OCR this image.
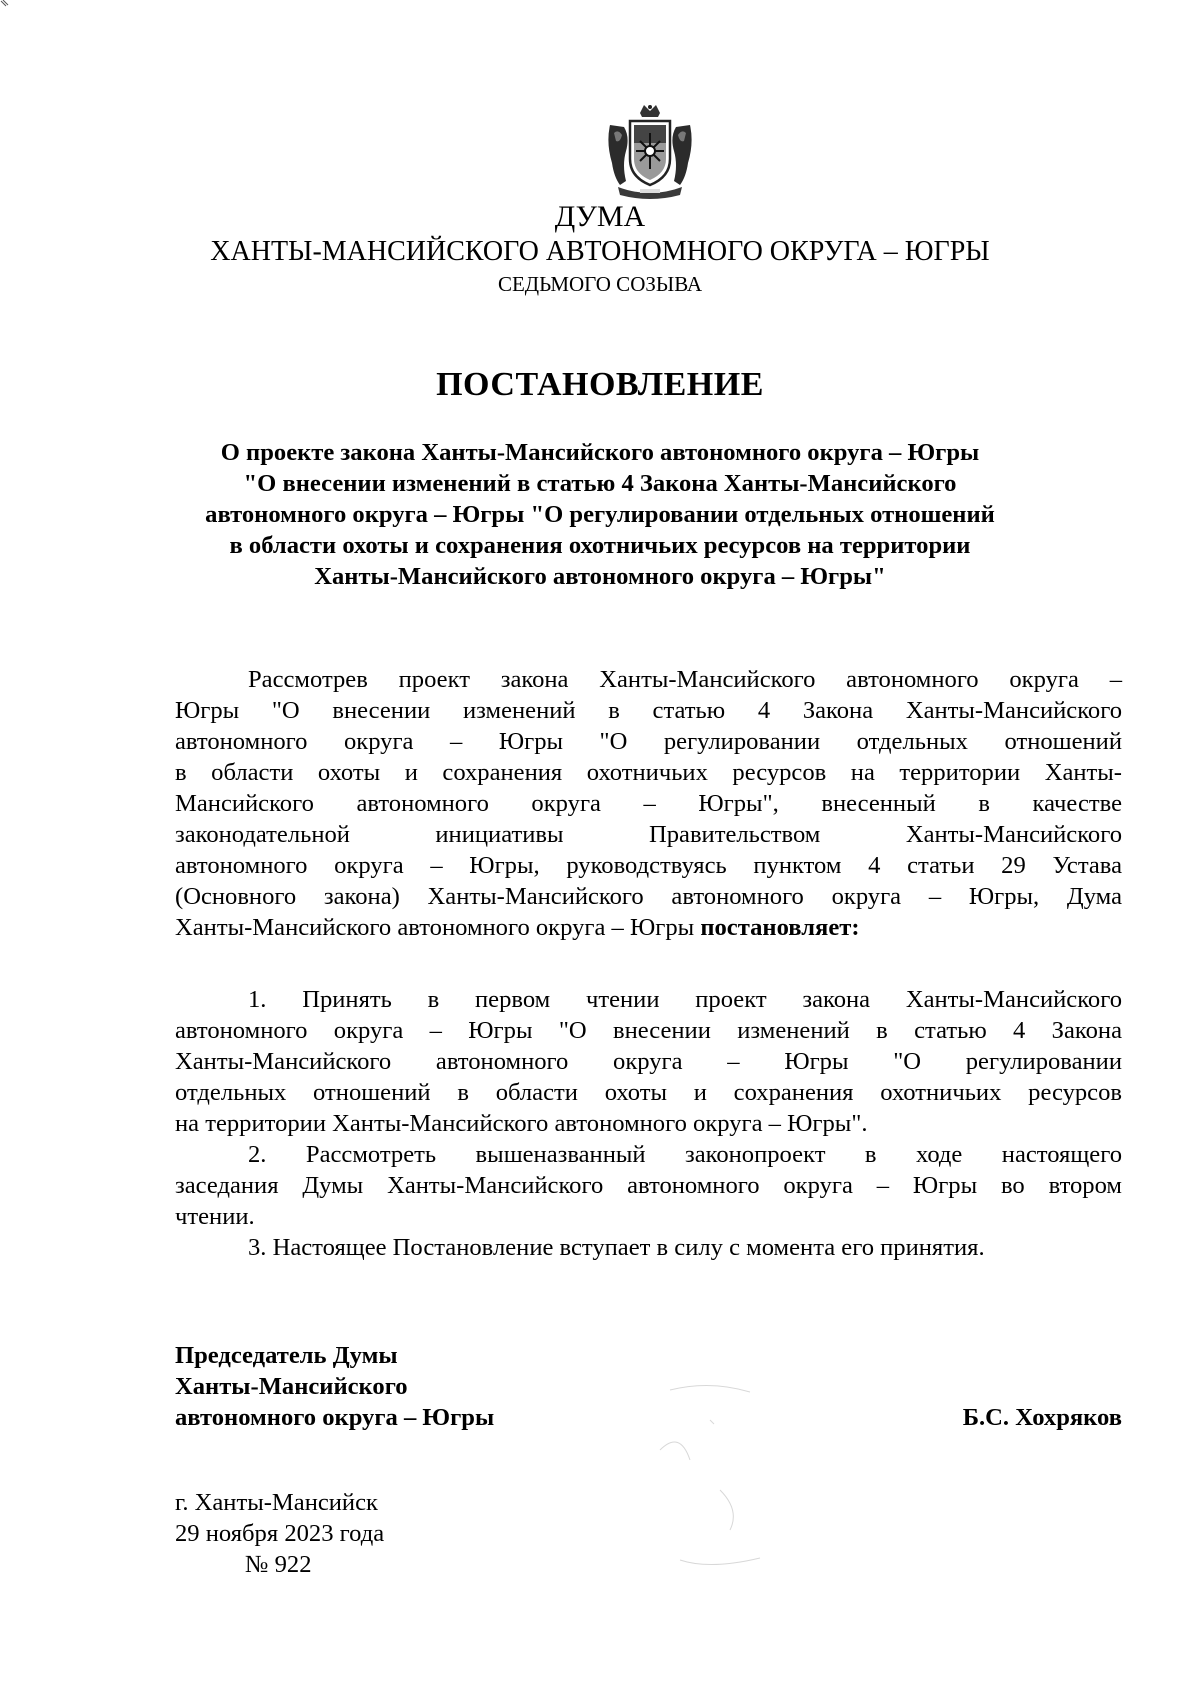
ДУМА
ХАНТЫ-МАНСИЙСКОГО АВТОНОМНОГО ОКРУГА – ЮГРЫ
СЕДЬМОГО СОЗЫВА
ПОСТАНОВЛЕНИЕ
О проекте закона Ханты-Мансийского автономного округа – Югры
"О внесении изменений в статью 4 Закона Ханты-Мансийского
автономного округа – Югры "О регулировании отдельных отношений
в области охоты и сохранения охотничьих ресурсов на территории
Ханты-Мансийского автономного округа – Югры"
Рассмотрев проект закона Ханты-Мансийского автономного округа –
Югры "О внесении изменений в статью 4 Закона Ханты-Мансийского
автономного округа – Югры "О регулировании отдельных отношений
в области охоты и сохранения охотничьих ресурсов на территории Ханты-
Мансийского автономного округа – Югры", внесенный в качестве
законодательной инициативы Правительством Ханты-Мансийского
автономного округа – Югры, руководствуясь пунктом 4 статьи 29 Устава
(Основного закона) Ханты-Мансийского автономного округа – Югры, Дума
Ханты-Мансийского автономного округа – Югры постановляет:
1. Принять в первом чтении проект закона Ханты-Мансийского
автономного округа – Югры "О внесении изменений в статью 4 Закона
Ханты-Мансийского автономного округа – Югры "О регулировании
отдельных отношений в области охоты и сохранения охотничьих ресурсов
на территории Ханты-Мансийского автономного округа – Югры".
2. Рассмотреть вышеназванный законопроект в ходе настоящего
заседания Думы Ханты-Мансийского автономного округа – Югры во втором
чтении.
3. Настоящее Постановление вступает в силу с момента его принятия.
Председатель Думы
Ханты-Мансийского
автономного округа – Югры	Б.С. Хохряков
г. Ханты-Мансийск
29 ноября 2023 года
№ 922
